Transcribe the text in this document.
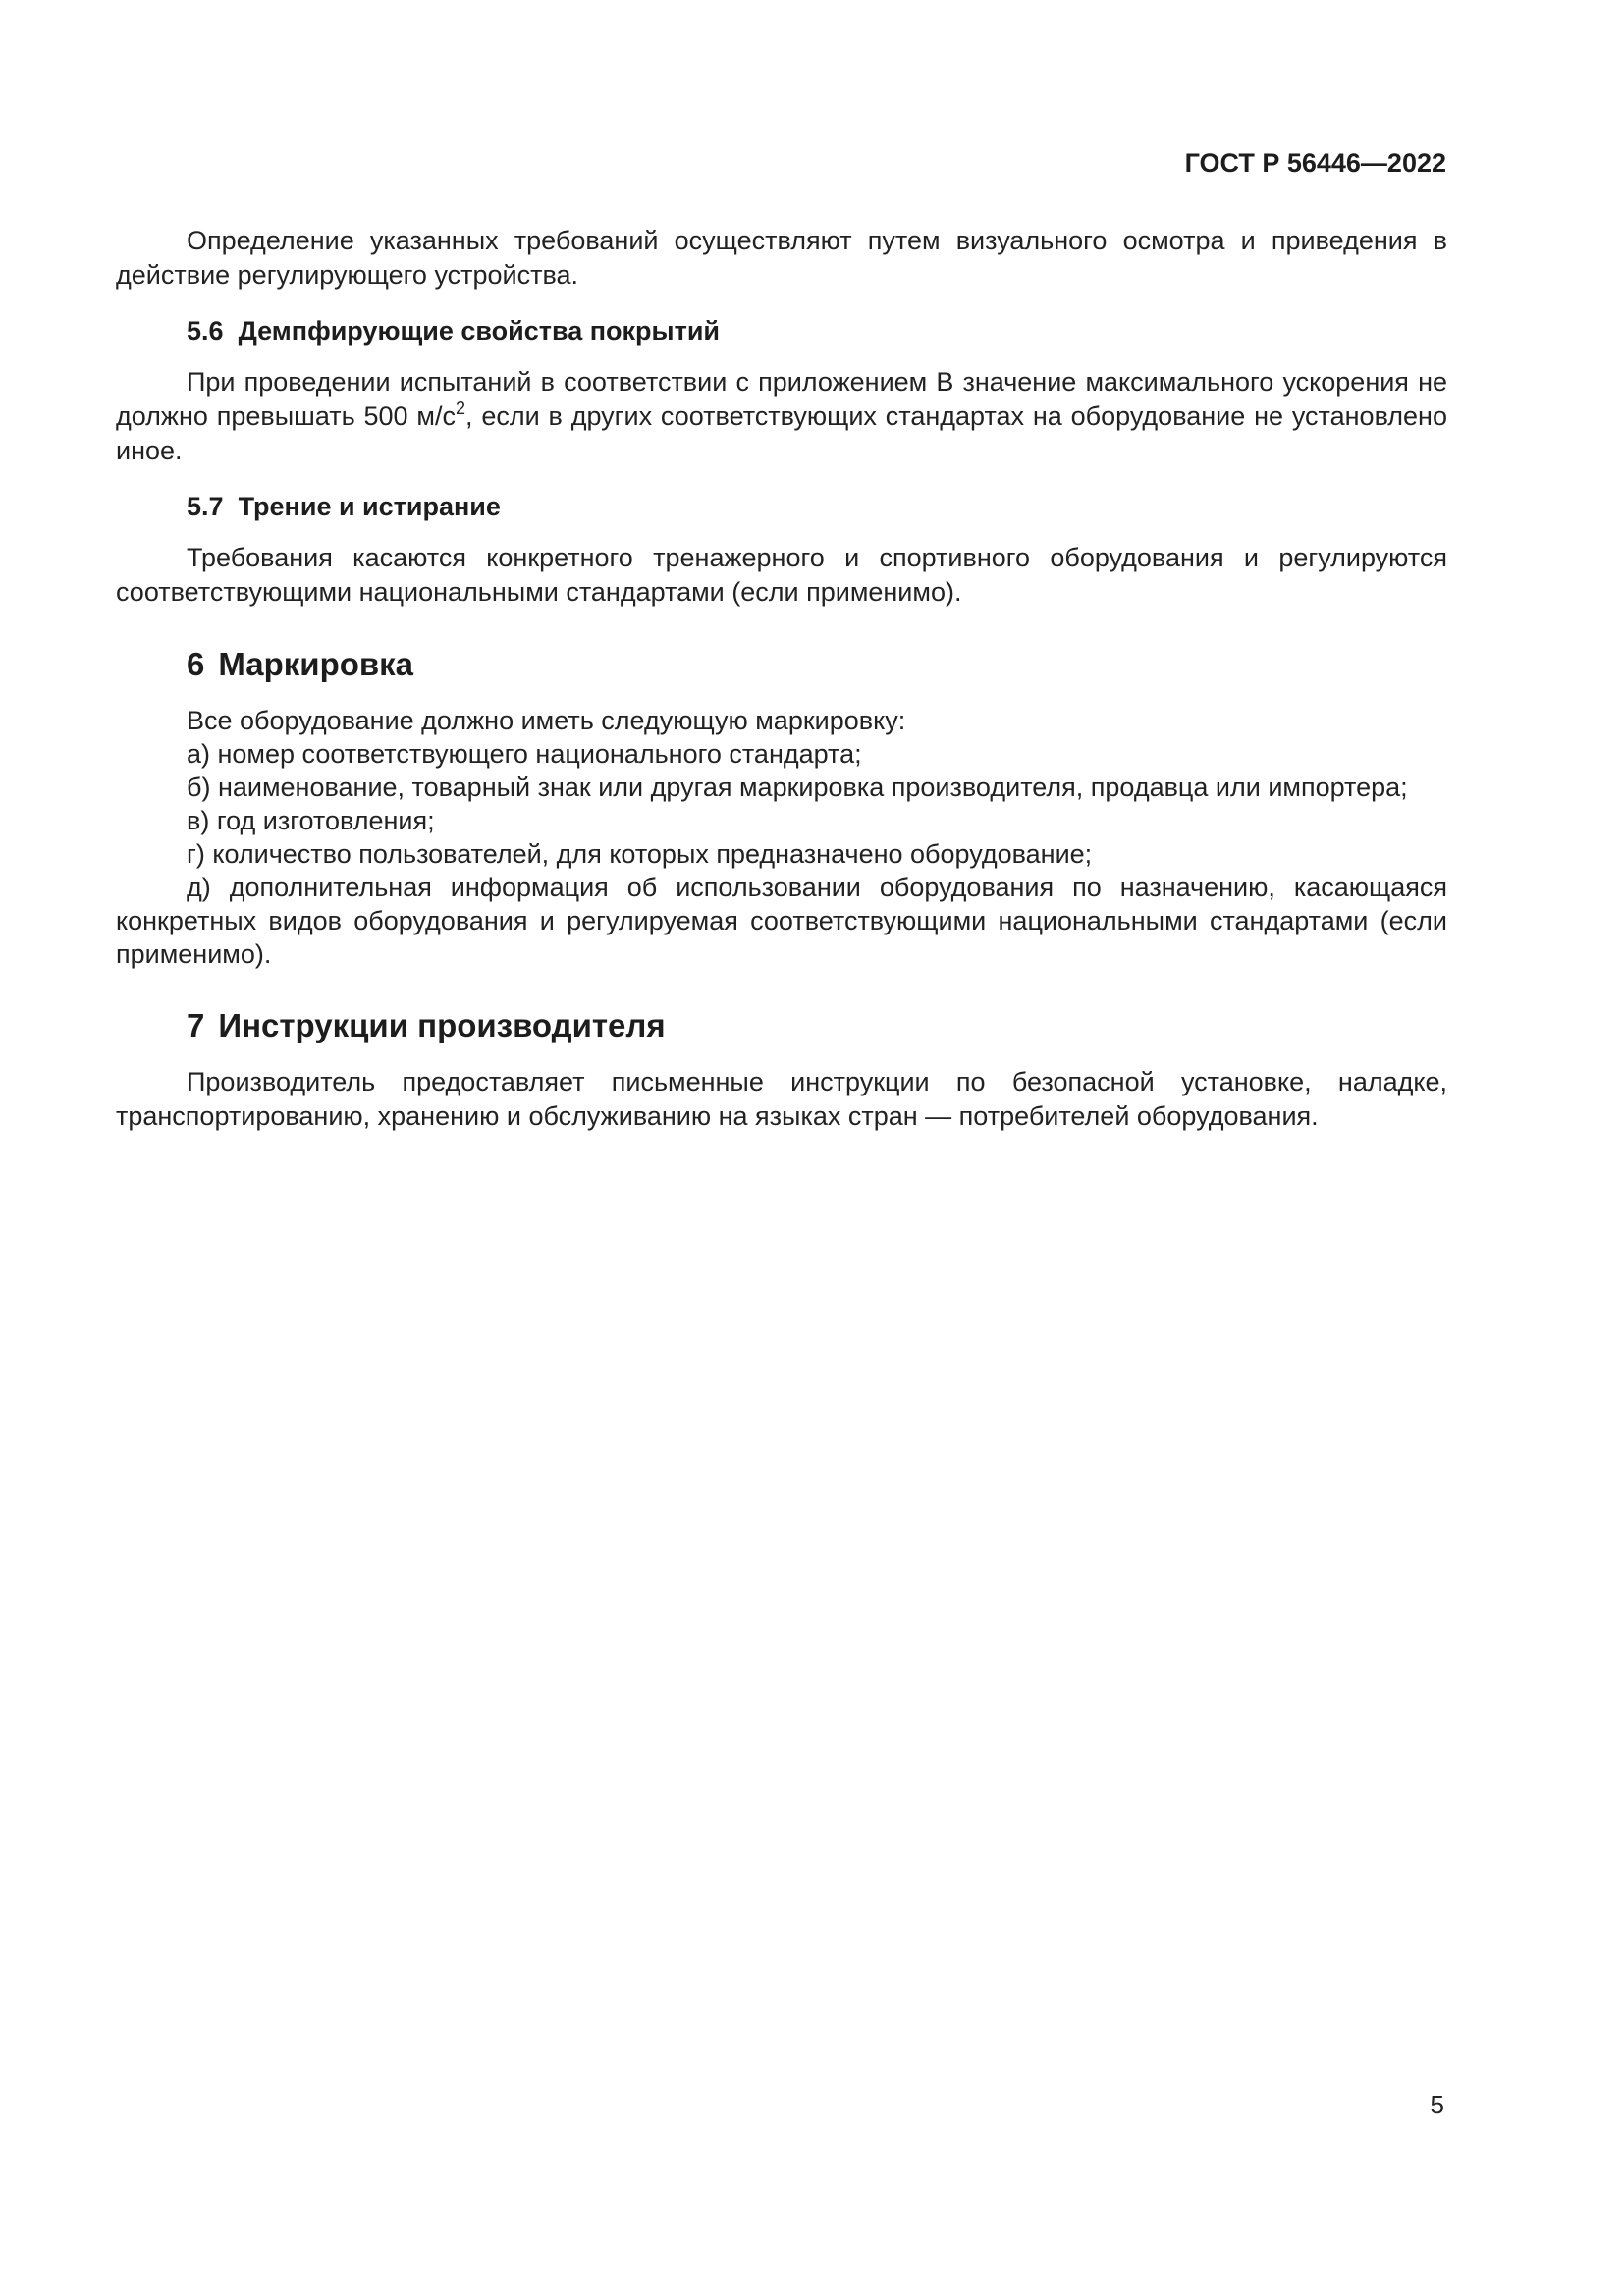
ГОСТ Р 56446—2022

Определение указанных требований осуществляют путем визуального осмотра и приведения в действие регулирующего устройства.

5.6 Демпфирующие свойства покрытий

При проведении испытаний в соответствии с приложением В значение максимального ускорения не должно превышать 500 $м/с^2$, если в других соответствующих стандартах на оборудование не установлено иное.

5.7 Трение и истирание

Требования касаются конкретного тренажерного и спортивного оборудования и регулируются соответствующими национальными стандартами (если применимо).

6 Маркировка

Все оборудование должно иметь следующую маркировку:

а) номер соответствующего национального стандарта;

б) наименование, товарный знак или другая маркировка производителя, продавца или импортера;

в) год изготовления;

г) количество пользователей, для которых предназначено оборудование;

д) дополнительная информация об использовании оборудования по назначению, касающаяся конкретных видов оборудования и регулируемая соответствующими национальными стандартами (если применимо).

7 Инструкции производителя

Производитель предоставляет письменные инструкции по безопасной установке, наладке, транспортированию, хранению и обслуживанию на языках стран — потребителей оборудования.

5
